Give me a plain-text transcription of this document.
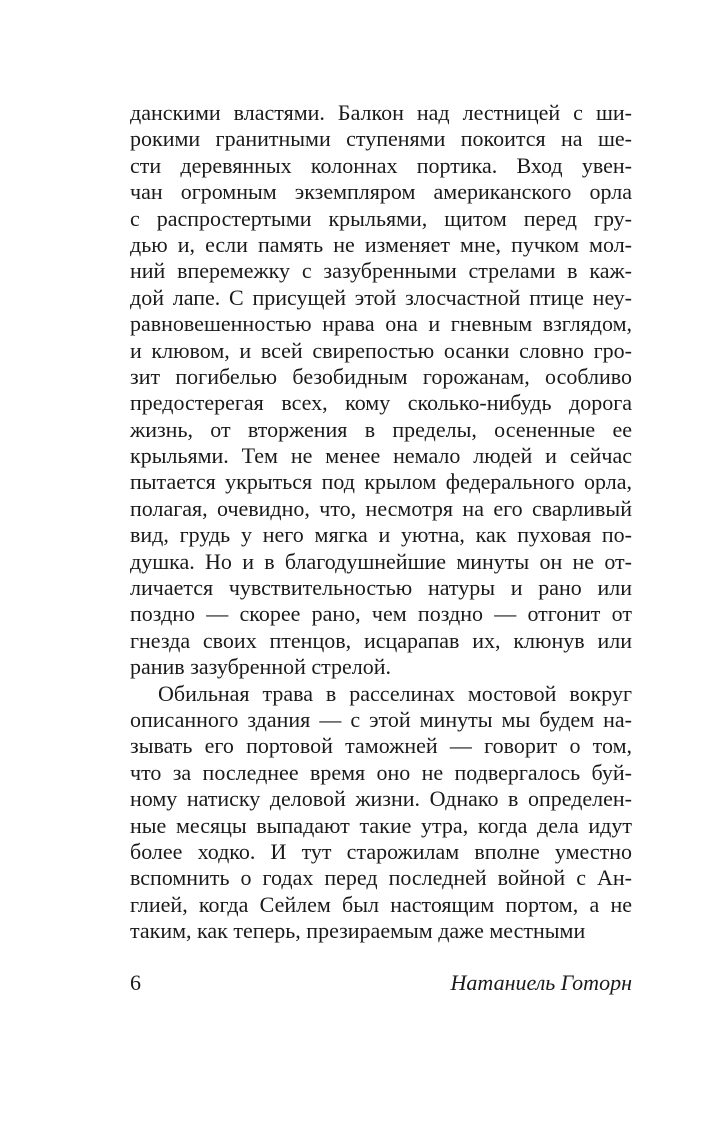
данскими властями. Балкон над лестницей с ши-
рокими гранитными ступенями покоится на ше-
сти деревянных колоннах портика. Вход увен-
чан огромным экземпляром американского орла
с распростертыми крыльями, щитом перед гру-
дью и, если память не изменяет мне, пучком мол-
ний вперемежку с зазубренными стрелами в каж-
дой лапе. С присущей этой злосчастной птице неу-
равновешенностью нрава она и гневным взглядом,
и клювом, и всей свирепостью осанки словно гро-
зит погибелью безобидным горожанам, особливо
предостерегая всех, кому сколько-нибудь дорога
жизнь, от вторжения в пределы, осененные ее
крыльями. Тем не менее немало людей и сейчас
пытается укрыться под крылом федерального орла,
полагая, очевидно, что, несмотря на его сварливый
вид, грудь у него мягка и уютна, как пуховая по-
душка. Но и в благодушнейшие минуты он не от-
личается чувствительностью натуры и рано или
поздно — скорее рано, чем поздно — отгонит от
гнезда своих птенцов, исцарапав их, клюнув или
ранив зазубренной стрелой.
Обильная трава в расселинах мостовой вокруг
описанного здания — с этой минуты мы будем на-
зывать его портовой таможней — говорит о том,
что за последнее время оно не подвергалось буй-
ному натиску деловой жизни. Однако в определен-
ные месяцы выпадают такие утра, когда дела идут
более ходко. И тут старожилам вполне уместно
вспомнить о годах перед последней войной с Ан-
глией, когда Сейлем был настоящим портом, а не
таким, как теперь, презираемым даже местными
6	Натаниель Готорн
